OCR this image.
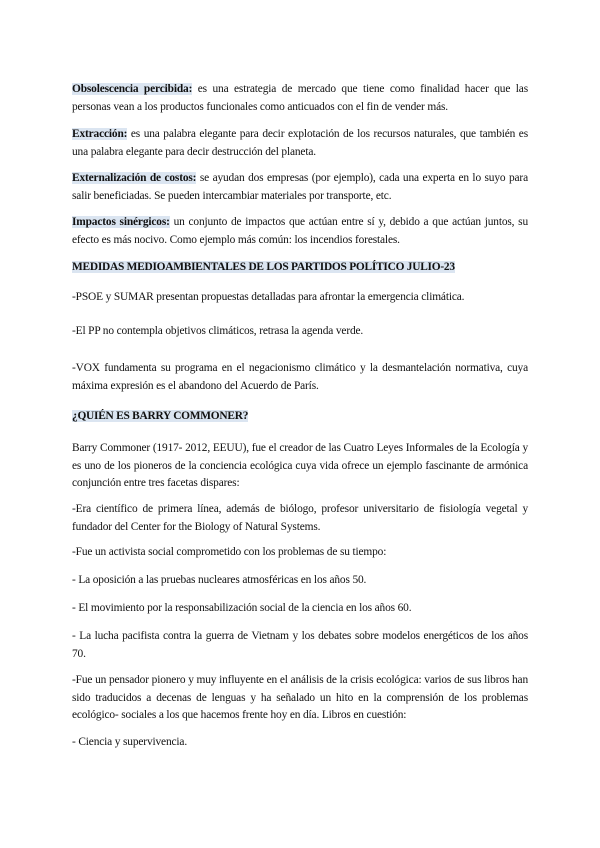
Obsolescencia percibida: es una estrategia de mercado que tiene como finalidad hacer que las personas vean a los productos funcionales como anticuados con el fin de vender más.

Extracción: es una palabra elegante para decir explotación de los recursos naturales, que también es una palabra elegante para decir destrucción del planeta.

Externalización de costos: se ayudan dos empresas (por ejemplo), cada una experta en lo suyo para salir beneficiadas. Se pueden intercambiar materiales por transporte, etc.

Impactos sinérgicos: un conjunto de impactos que actúan entre sí y, debido a que actúan juntos, su efecto es más nocivo. Como ejemplo más común: los incendios forestales.

MEDIDAS MEDIOAMBIENTALES DE LOS PARTIDOS POLÍTICO JULIO-23

-PSOE y SUMAR presentan propuestas detalladas para afrontar la emergencia climática.

-El PP no contempla objetivos climáticos, retrasa la agenda verde.

-VOX fundamenta su programa en el negacionismo climático y la desmantelación normativa, cuya máxima expresión es el abandono del Acuerdo de París.

¿QUIÉN ES BARRY COMMONER?

Barry Commoner (1917- 2012, EEUU), fue el creador de las Cuatro Leyes Informales de la Ecología y es uno de los pioneros de la conciencia ecológica cuya vida ofrece un ejemplo fascinante de armónica conjunción entre tres facetas dispares:

-Era científico de primera línea, además de biólogo, profesor universitario de fisiología vegetal y fundador del Center for the Biology of Natural Systems.

-Fue un activista social comprometido con los problemas de su tiempo:

- La oposición a las pruebas nucleares atmosféricas en los años 50.

- El movimiento por la responsabilización social de la ciencia en los años 60.

- La lucha pacifista contra la guerra de Vietnam y los debates sobre modelos energéticos de los años 70.

-Fue un pensador pionero y muy influyente en el análisis de la crisis ecológica: varios de sus libros han sido traducidos a decenas de lenguas y ha señalado un hito en la comprensión de los problemas ecológico- sociales a los que hacemos frente hoy en día. Libros en cuestión:

- Ciencia y supervivencia.
